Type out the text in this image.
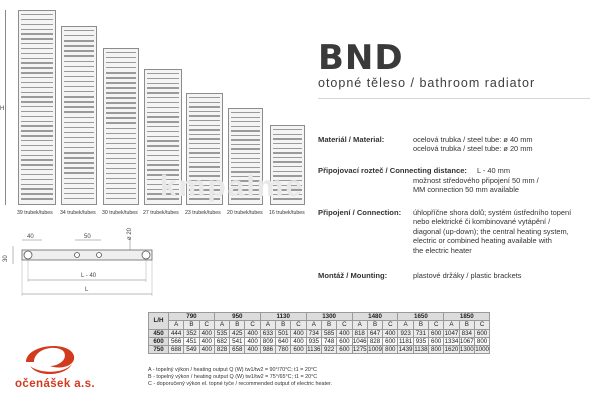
39 trubek/tubes 34 trubek/tubes 30 trubek/tubes 27 trubek/tubes 23 trubek/tubes 20 trubek/tubes 16 trubek/tubes
H
kmpalme
BND
otopné těleso / bathroom radiator
Materiál / Material:	ocelová trubka / steel tube: ø 40 mm
ocelová trubka / steel tube: ø 20 mm
Připojovací rozteč / Connecting distance: L - 40 mm
možnost středového připojení 50 mm /
MM connection 50 mm available
Připojení / Connection: úhlopříčne shora dolů; systém ústředního topení
nebo elektrické či kombinované vytápění /
diagonal (up-down); the central heating system,
electric or combined heating available with
the electric heater
Montáž / Mounting:	plastové držáky / plastic brackets
40	50	ø 20
30
L - 40
L
L/H	790			950			1130			1300			1480			1650			1850		
	A	B	C	A	B	C	A	B	C	A	B	C	A	B	C	A	B	C	A	B	C
450	444	352	400	535	425	400	633	501	400	734	585	400	818	647	400	923	731	600	1047	834	600
600	566	451	400	682	541	400	809	640	400	935	748	600	1046	828	600	1181	935	600	1334	1067	800
750	688	549	400	828	658	400	986	780	600	1136	922	600	1275	1009	800	1439	1138	800	1620	1300	1000
A - topelný výkon / heating output Q (W) tw1/tw2 = 90°/70°C; t1 = 20°C
B - topelný výkon / heating output Q (W) tw1/tw2 = 75°/65°C; t1 = 20°C
C - doporučený výkon el. topné tyče / recommended output of electric heater.
očenášek a.s.
